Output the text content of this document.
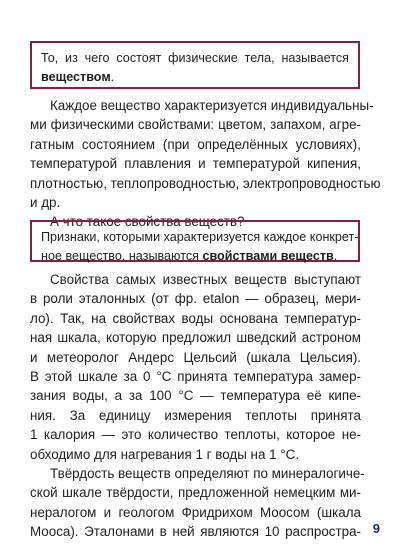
То, из чего состоят физические тела, называется
веществом.
Каждое вещество характеризуется индивидуальны-
ми физическими свойствами: цветом, запахом, агре-
гатным состоянием (при определённых условиях),
температурой плавления и температурой кипения,
плотностью, теплопроводностью, электропроводностью
и др.
А что такое свойства веществ?
Признаки, которыми характеризуется каждое конкрет-
ное вещество, называются свойствами веществ.
Свойства самых известных веществ выступают
в роли эталонных (от фр. etalon — образец, мери-
ло). Так, на свойствах воды основана температур-
ная шкала, которую предложил шведский астроном
и метеоролог Андерс Цельсий (шкала Цельсия).
В этой шкале за 0 °С принята температура замер-
зания воды, а за 100 °С — температура её кипе-
ния. За единицу измерения теплоты принята
1 калория — это количество теплоты, которое не-
обходимо для нагревания 1 г воды на 1 °С.
Твёрдость веществ определяют по минералогиче-
ской шкале твёрдости, предложенной немецким ми-
нералогом и геологом Фридрихом Моосом (шкала
Мооса). Эталонами в ней являются 10 распростра- 9
